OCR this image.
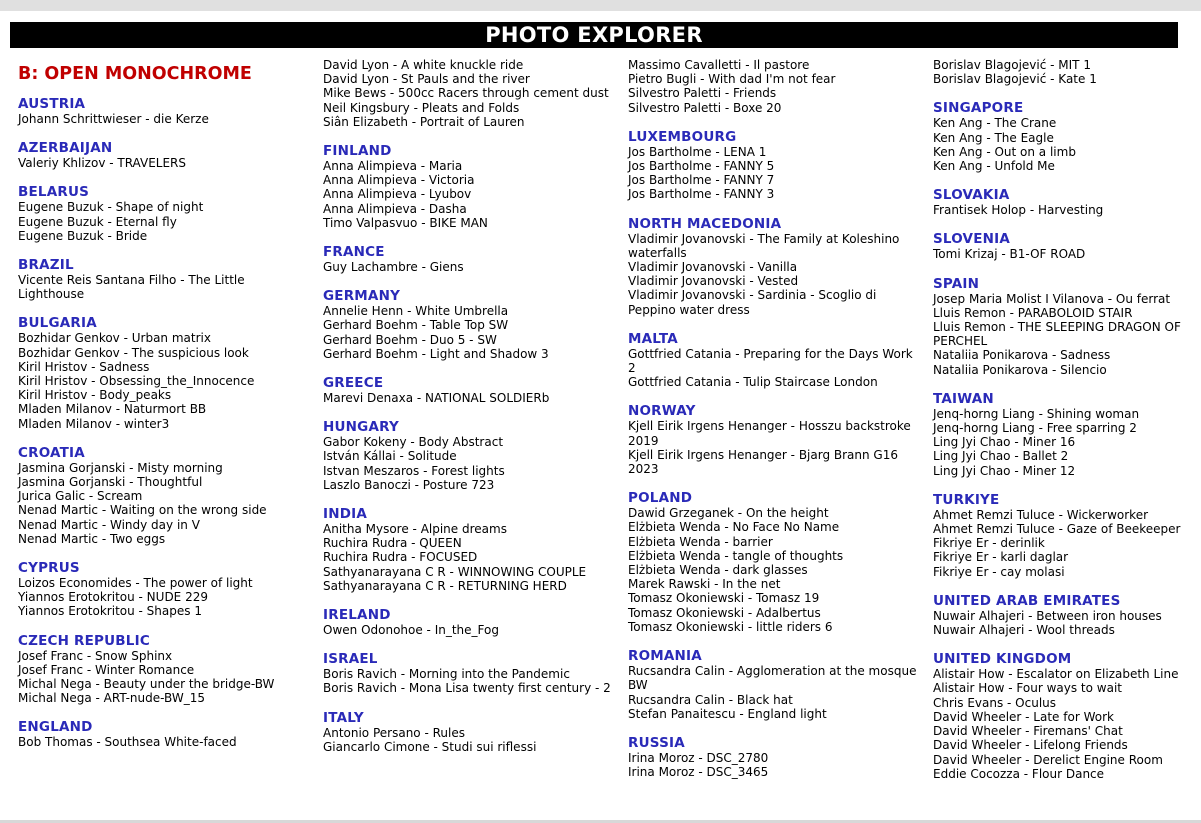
PHOTO EXPLORER
B: OPEN MONOCHROME
AUSTRIA
Johann Schrittwieser - die Kerze
AZERBAIJAN
Valeriy Khlizov - TRAVELERS
BELARUS
Eugene Buzuk - Shape of night
Eugene Buzuk - Eternal fly
Eugene Buzuk - Bride
BRAZIL
Vicente Reis Santana Filho - The Little Lighthouse
BULGARIA
Bozhidar Genkov - Urban matrix
Bozhidar Genkov - The suspicious look
Kiril Hristov - Sadness
Kiril Hristov - Obsessing_the_Innocence
Kiril Hristov - Body_peaks
Mladen Milanov - Naturmort BB
Mladen Milanov - winter3
CROATIA
Jasmina Gorjanski - Misty morning
Jasmina Gorjanski - Thoughtful
Jurica Galic - Scream
Nenad Martic - Waiting on the wrong side
Nenad Martic - Windy day in V
Nenad Martic - Two eggs
CYPRUS
Loizos Economides - The power of light
Yiannos Erotokritou - NUDE 229
Yiannos Erotokritou - Shapes 1
CZECH REPUBLIC
Josef Franc - Snow Sphinx
Josef Franc - Winter Romance
Michal Nega - Beauty under the bridge-BW
Michal Nega - ART-nude-BW_15
ENGLAND
Bob Thomas - Southsea White-faced
David Lyon - A white knuckle ride
David Lyon - St Pauls and the river
Mike Bews - 500cc Racers through cement dust
Neil Kingsbury - Pleats and Folds
Siân Elizabeth - Portrait of Lauren
FINLAND
Anna Alimpieva - Maria
Anna Alimpieva - Victoria
Anna Alimpieva - Lyubov
Anna Alimpieva - Dasha
Timo Valpasvuo - BIKE MAN
FRANCE
Guy Lachambre - Giens
GERMANY
Annelie Henn - White Umbrella
Gerhard Boehm - Table Top SW
Gerhard Boehm - Duo 5 - SW
Gerhard Boehm - Light and Shadow 3
GREECE
Marevi Denaxa - NATIONAL SOLDIERb
HUNGARY
Gabor Kokeny - Body Abstract
István Kállai - Solitude
Istvan Meszaros - Forest lights
Laszlo Banoczi - Posture 723
INDIA
Anitha Mysore - Alpine dreams
Ruchira Rudra - QUEEN
Ruchira Rudra - FOCUSED
Sathyanarayana C R - WINNOWING COUPLE
Sathyanarayana C R - RETURNING HERD
IRELAND
Owen Odonohoe - In_the_Fog
ISRAEL
Boris Ravich - Morning into the Pandemic
Boris Ravich - Mona Lisa twenty first century - 2
ITALY
Antonio Persano - Rules
Giancarlo Cimone - Studi sui riflessi
Massimo Cavalletti - Il pastore
Pietro Bugli - With dad I'm not fear
Silvestro Paletti - Friends
Silvestro Paletti - Boxe 20
LUXEMBOURG
Jos Bartholme - LENA 1
Jos Bartholme - FANNY 5
Jos Bartholme - FANNY 7
Jos Bartholme - FANNY 3
NORTH MACEDONIA
Vladimir Jovanovski - The Family at Koleshino waterfalls
Vladimir Jovanovski - Vanilla
Vladimir Jovanovski - Vested
Vladimir Jovanovski - Sardinia - Scoglio di Peppino water dress
MALTA
Gottfried Catania - Preparing for the Days Work 2
Gottfried Catania - Tulip Staircase London
NORWAY
Kjell Eirik Irgens Henanger - Hosszu backstroke 2019
Kjell Eirik Irgens Henanger - Bjarg Brann G16 2023
POLAND
Dawid Grzeganek - On the height
Elżbieta Wenda - No Face No Name
Elżbieta Wenda - barrier
Elżbieta Wenda - tangle of thoughts
Elżbieta Wenda - dark glasses
Marek Rawski - In the net
Tomasz Okoniewski - Tomasz 19
Tomasz Okoniewski - Adalbertus
Tomasz Okoniewski - little riders 6
ROMANIA
Rucsandra Calin - Agglomeration at the mosque BW
Rucsandra Calin - Black hat
Stefan Panaitescu - England light
RUSSIA
Irina Moroz - DSC_2780
Irina Moroz - DSC_3465
Borislav Blagojević - MIT 1
Borislav Blagojević - Kate 1
SINGAPORE
Ken Ang - The Crane
Ken Ang - The Eagle
Ken Ang - Out on a limb
Ken Ang - Unfold Me
SLOVAKIA
Frantisek Holop - Harvesting
SLOVENIA
Tomi Krizaj - B1-OF ROAD
SPAIN
Josep Maria Molist I Vilanova - Ou ferrat
Lluis Remon - PARABOLOID STAIR
Lluis Remon - THE SLEEPING DRAGON OF PERCHEL
Nataliia Ponikarova - Sadness
Nataliia Ponikarova - Silencio
TAIWAN
Jenq-horng Liang - Shining woman
Jenq-horng Liang - Free sparring 2
Ling Jyi Chao - Miner 16
Ling Jyi Chao - Ballet 2
Ling Jyi Chao - Miner 12
TURKIYE
Ahmet Remzi Tuluce - Wickerworker
Ahmet Remzi Tuluce - Gaze of Beekeeper
Fikriye Er - derinlik
Fikriye Er - karli daglar
Fikriye Er - cay molasi
UNITED ARAB EMIRATES
Nuwair Alhajeri - Between iron houses
Nuwair Alhajeri - Wool threads
UNITED KINGDOM
Alistair How - Escalator on Elizabeth Line
Alistair How - Four ways to wait
Chris Evans - Oculus
David Wheeler - Late for Work
David Wheeler - Firemans' Chat
David Wheeler - Lifelong Friends
David Wheeler - Derelict Engine Room
Eddie Cocozza - Flour Dance
